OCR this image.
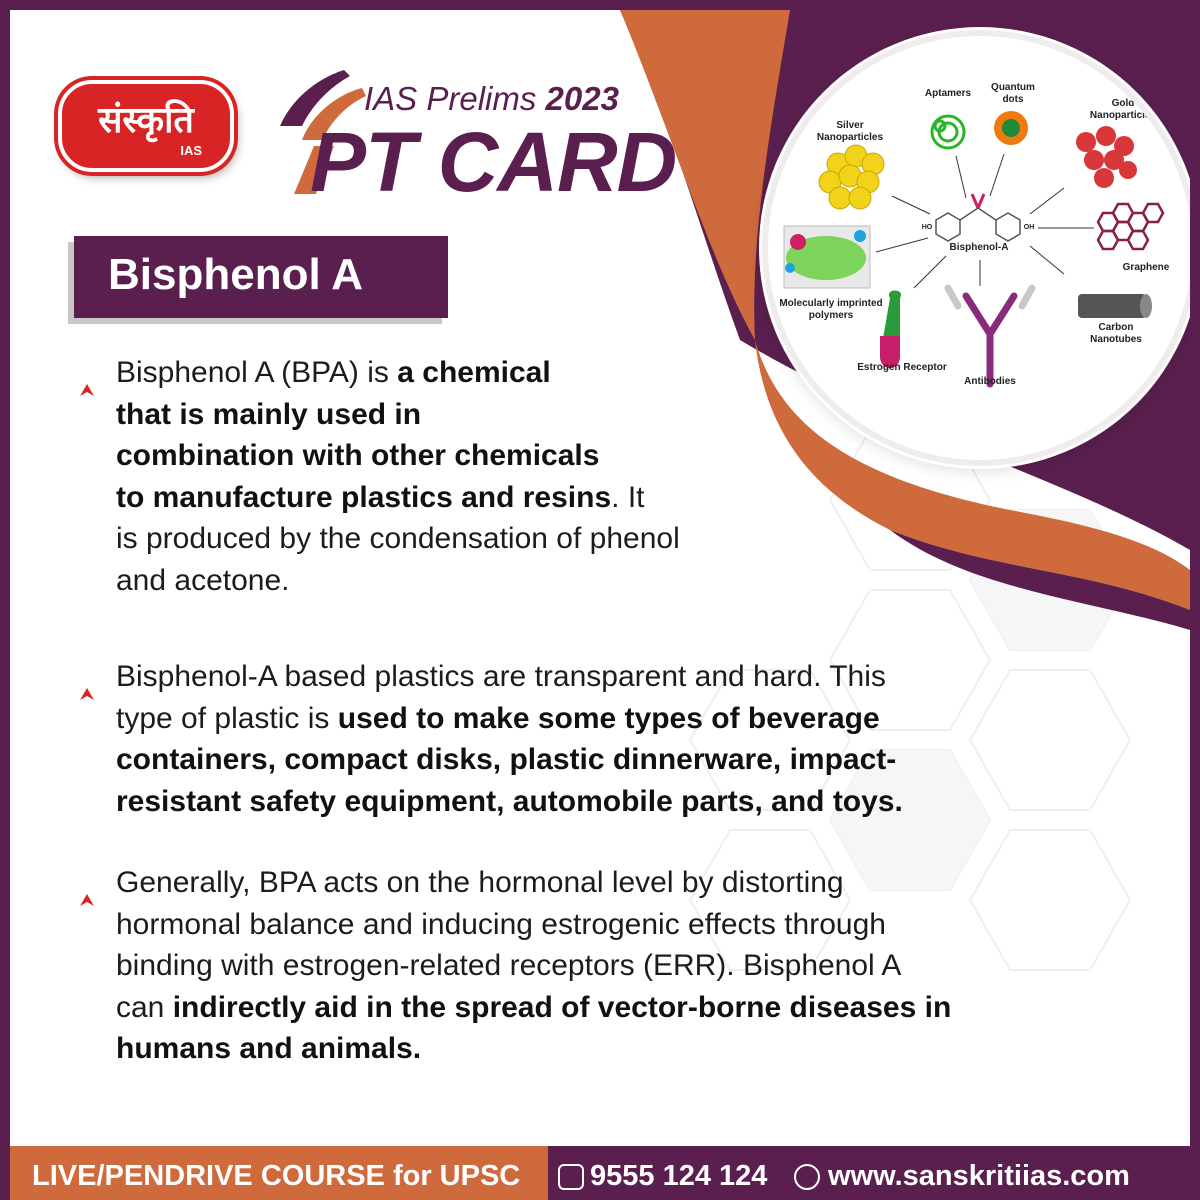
संस्कृति
IAS
IAS Prelims 2023
PT CARD
Bisphenol A
Silver Nanoparticles
Aptamers
Quantum dots	Gold Nanoparticles
Graphene
Carbon Nanotubes
Antibodies
Estrogen Receptor
Molecularly imprinted polymers
Bisphenol-A
HO	OH
Bisphenol A (BPA) is a chemical
that is mainly used in
combination with other chemicals
to manufacture plastics and resins. It
is produced by the condensation of phenol
and acetone.
Bisphenol-A based plastics are transparent and hard. This
type of plastic is used to make some types of beverage
containers, compact disks, plastic dinnerware, impact-
resistant safety equipment, automobile parts, and toys.
Generally, BPA acts on the hormonal level by distorting
hormonal balance and inducing estrogenic effects through
binding with estrogen-related receptors (ERR). Bisphenol A
can indirectly aid in the spread of vector-borne diseases in
humans and animals.
LIVE/PENDRIVE COURSE for UPSC 9555 124 124 www.sanskritiias.com
